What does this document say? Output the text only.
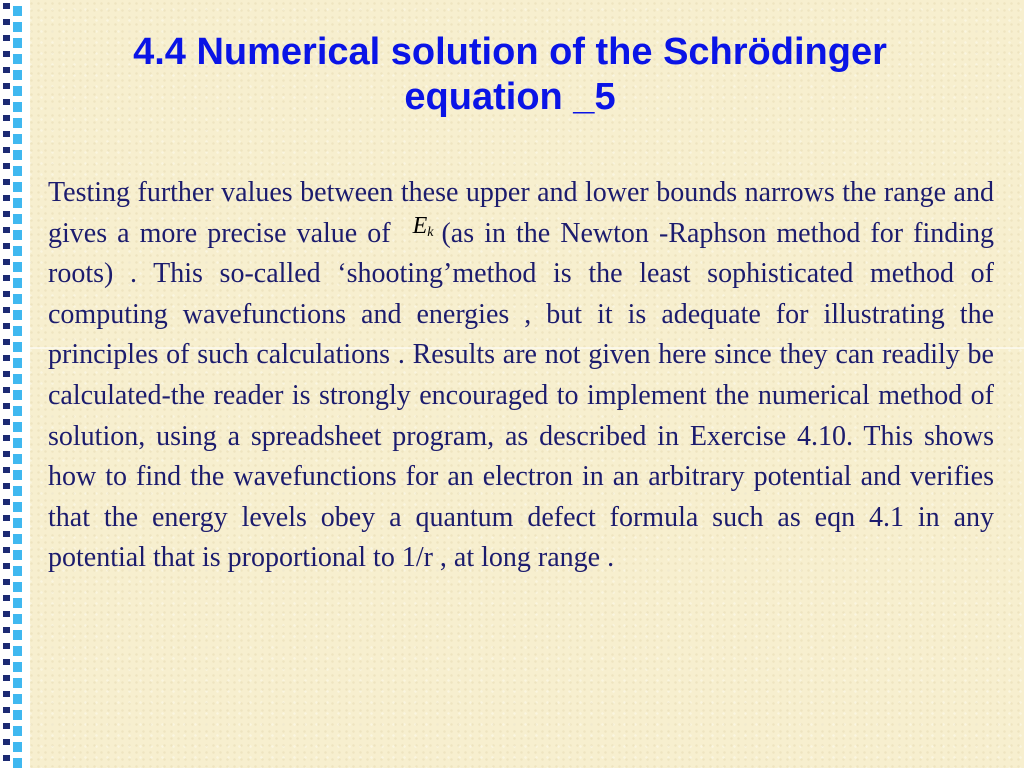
4.4 Numerical solution of the Schrödinger
equation _5

Testing further values between these upper and lower bounds narrows the range and gives a more precise value of $E_k$ (as in the Newton -Raphson method for finding roots) . This so-called ‘shooting’method is the least sophisticated method of computing wavefunctions and energies , but it is adequate for illustrating the principles of such calculations . Results are not given here since they can readily be calculated-the reader is strongly encouraged to implement the numerical method of solution, using a spreadsheet program, as described in Exercise 4.10. This shows how to find the wavefunctions for an electron in an arbitrary potential and verifies that the energy levels obey a quantum defect formula such as eqn 4.1 in any potential that is proportional to 1/r , at long range .
